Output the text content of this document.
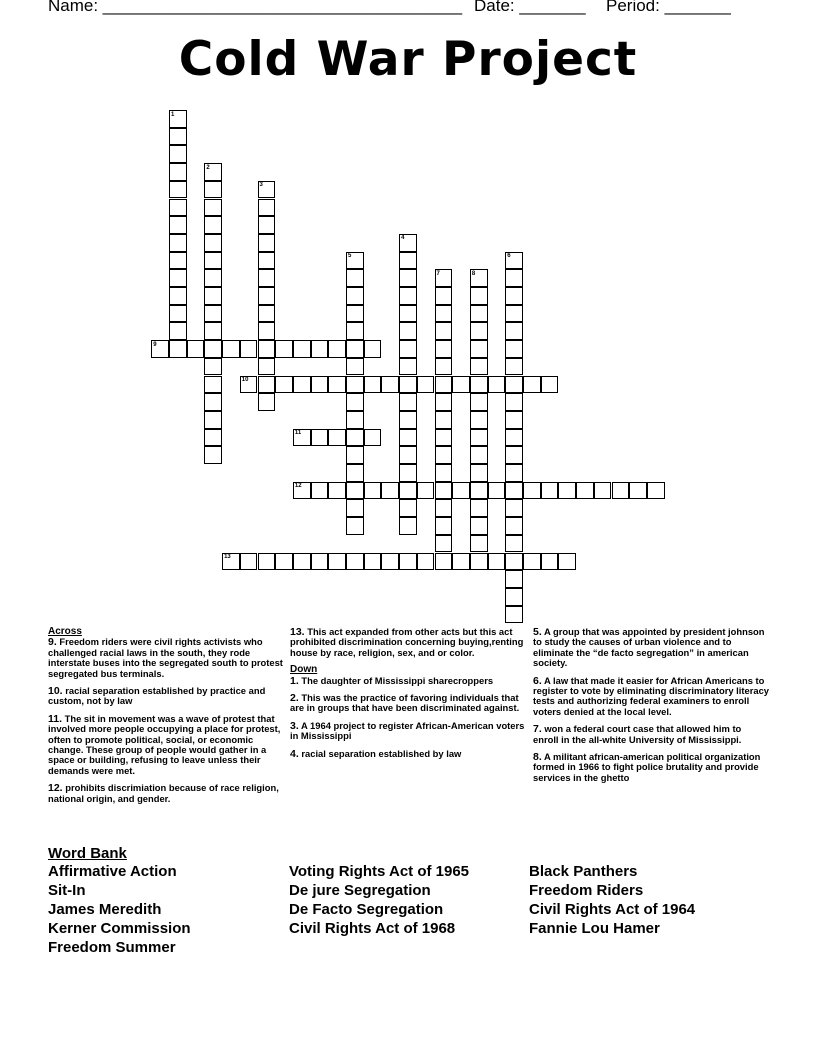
Name: ______________________________________

Date: _______

Period: _______

Cold War Project
1
2
3
4
5	6
7	8
9
10
11
12
13
Across
9. Freedom riders were civil rights activists who challenged racial laws in the south, they rode interstate buses into the segregated south to protest segregated bus terminals.
10. racial separation established by practice and custom, not by law
11. The sit in movement was a wave of protest that involved more people occupying a place for protest, often to promote political, social, or economic change. These group of people would gather in a space or building, refusing to leave unless their demands were met.
12. prohibits discrimiation because of race religion, national origin, and gender.
13. This act expanded from other acts but this act prohibited discrimination concerning buying,renting house by race, religion, sex, and or color.
Down
1. The daughter of Mississippi sharecroppers
2. This was the practice of favoring individuals that are in groups that have been discriminated against.
3. A 1964 project to register African-American voters in Mississippi
4. racial separation established by law
5. A group that was appointed by president johnson to study the causes of urban violence and to eliminate the “de facto segregation” in american society.
6. A law that made it easier for African Americans to register to vote by eliminating discriminatory literacy tests and authorizing federal examiners to enroll voters denied at the local level.
7. won a federal court case that allowed him to enroll in the all-white University of Mississippi.
8. A militant african-american political organization formed in 1966 to fight police brutality and provide services in the ghetto
Word Bank
Affirmative Action
Sit-In
James Meredith
Kerner Commission
Freedom Summer
Voting Rights Act of 1965
De jure Segregation
De Facto Segregation
Civil Rights Act of 1968
Black Panthers
Freedom Riders
Civil Rights Act of 1964
Fannie Lou Hamer
